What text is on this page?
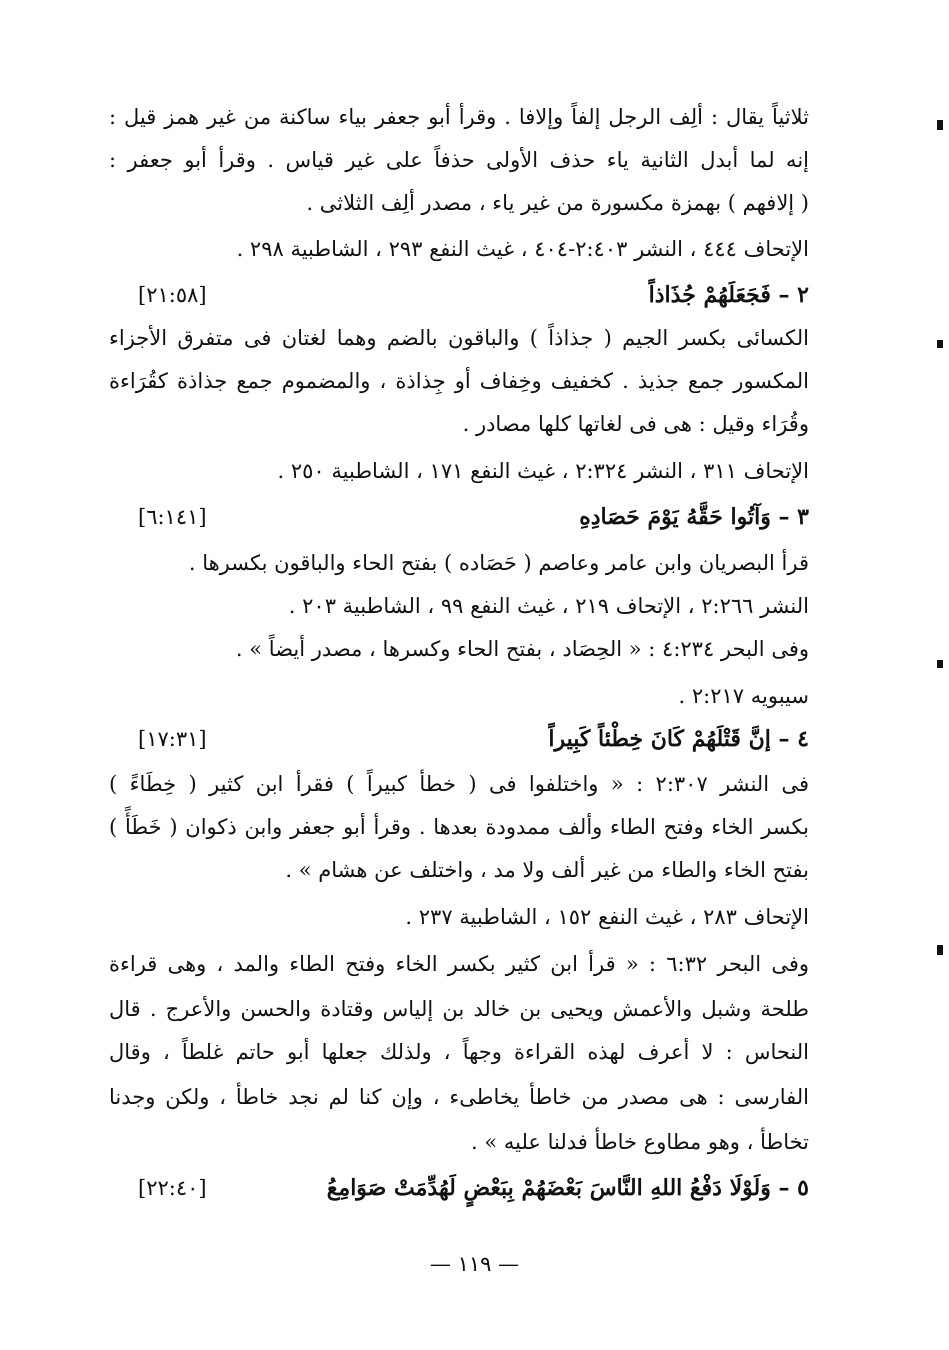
ثلاثياً يقال : ألِف الرجل إلفاً وإلافا . وقرأ أبو جعفر بياء ساكنة من غير همز قيل :
إنه لما أبدل الثانية ياء حذف الأولى حذفاً على غير قياس . وقرأ أبو جعفر :
( إلافهم ) بهمزة مكسورة من غير ياء ، مصدر ألِف الثلاثى .
الإتحاف ٤٤٤ ، النشر ٢:٤٠٣-٤٠٤ ، غيث النفع ٢٩٣ ، الشاطبية ٢٩٨ .
٢ – فَجَعَلَهُمْ جُذَاذاً
[٢١:٥٨]
الكسائى بكسر الجيم ( جذاذاً ) والباقون بالضم وهما لغتان فى متفرق الأجزاء
المكسور جمع جذيذ . كخفيف وخِفاف أو جِذاذة ، والمضموم جمع جذاذة كقُرَاءة
وقُرَاء وقيل : هى فى لغاتها كلها مصادر .
الإتحاف ٣١١ ، النشر ٢:٣٢٤ ، غيث النفع ١٧١ ، الشاطبية ٢٥٠ .
٣ – وَآتُوا حَقَّهُ يَوْمَ حَصَادِهِ
[٦:١٤١]
قرأ البصريان وابن عامر وعاصم ( حَصَاده ) بفتح الحاء والباقون بكسرها .
النشر ٢:٢٦٦ ، الإتحاف ٢١٩ ، غيث النفع ٩٩ ، الشاطبية ٢٠٣ .
وفى البحر ٤:٢٣٤ : « الحِصَاد ، بفتح الحاء وكسرها ، مصدر أيضاً » .
سيبويه ٢:٢١٧ .
٤ – إنَّ قَتْلَهُمْ كَانَ خِطْئاً كَبِيراً
[١٧:٣١]
فى النشر ٢:٣٠٧ : « واختلفوا فى ( خطأ كبيراً ) فقرأ ابن كثير ( خِطَاءً )
بكسر الخاء وفتح الطاء وألف ممدودة بعدها . وقرأ أبو جعفر وابن ذكوان ( خَطَأً )
بفتح الخاء والطاء من غير ألف ولا مد ، واختلف عن هشام » .
الإتحاف ٢٨٣ ، غيث النفع ١٥٢ ، الشاطبية ٢٣٧ .
وفى البحر ٦:٣٢ : « قرأ ابن كثير بكسر الخاء وفتح الطاء والمد ، وهى قراءة
طلحة وشبل والأعمش ويحيى بن خالد بن إلياس وقتادة والحسن والأعرج . قال
النحاس : لا أعرف لهذه القراءة وجهاً ، ولذلك جعلها أبو حاتم غلطاً ، وقال
الفارسى : هى مصدر من خاطأ يخاطىء ، وإن كنا لم نجد خاطأ ، ولكن وجدنا
تخاطأ ، وهو مطاوع خاطأ فدلنا عليه » .
٥ – وَلَوْلَا دَفْعُ اللهِ النَّاسَ بَعْضَهُمْ بِبَعْضٍ لَهُدِّمَتْ صَوَامِعُ
[٢٢:٤٠]
— ١١٩ —
